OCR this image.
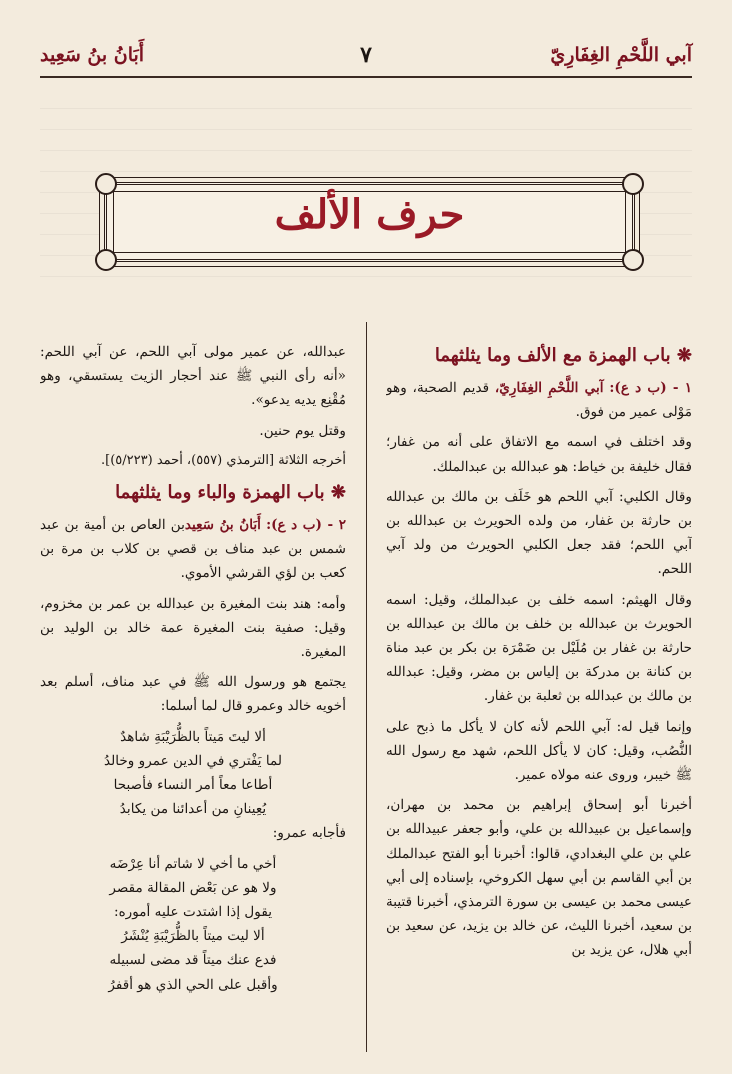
آبي اللَّحْمِ الغِفَارِيّ
٧
أَبَانُ بنُ سَعِيد
حرف الألف
❋ باب الهمزة مع الألف وما يثلثهما

١ - (ب د ع): آبي اللَّحْمِ الغِفَارِيّ، قديم الصحبة، وهو مَوْلى عمير من فوق.

وقد اختلف في اسمه مع الاتفاق على أنه من غفار؛ فقال خليفة بن خياط: هو عبدالله بن عبدالملك.

وقال الكلبي: آبي اللحم هو خَلَف بن مالك بن عبدالله بن حارثة بن غفار، من ولده الحويرث بن عبدالله بن آبي اللحم؛ فقد جعل الكلبي الحويرث من ولد آبي اللحم.

وقال الهيثم: اسمه خلف بن عبدالملك، وقيل: اسمه الحويرث بن عبدالله بن خلف بن مالك بن عبدالله بن حارثة بن غفار بن مُلَيْل بن ضَمْرَة بن بكر بن عبد مناة بن كنانة بن مدركة بن إلياس بن مضر، وقيل: عبدالله بن مالك بن عبدالله بن ثعلبة بن غفار.

وإنما قيل له: آبي اللحم لأنه كان لا يأكل ما ذبح على النُّصُب، وقيل: كان لا يأكل اللحم، شهد مع رسول الله ﷺ خيبر، وروى عنه مولاه عمير.

أخبرنا أبو إسحاق إبراهيم بن محمد بن مهران، وإسماعيل بن عبيدالله بن علي، وأبو جعفر عبيدالله بن علي بن علي البغدادي، قالوا: أخبرنا أبو الفتح عبدالملك بن أبي القاسم بن أبي سهل الكروخي، بإسناده إلى أبي عيسى محمد بن عيسى بن سورة الترمذي، أخبرنا قتيبة بن سعيد، أخبرنا الليث، عن خالد بن يزيد، عن سعيد بن أبي هلال، عن يزيد بن

عبدالله، عن عمير مولى آبي اللحم، عن آبي اللحم: «أنه رأى النبي ﷺ عند أحجار الزيت يستسقي، وهو مُقْنِع يديه يدعو».

وقتل يوم حنين.

أخرجه الثلاثة [الترمذي (٥٥٧)، أحمد (٥/٢٢٣)].

❋ باب الهمزة والباء وما يثلثهما

٢ - (ب د ع): أَبَانُ بنُ سَعِيدبن العاص بن أمية بن عبد شمس بن عبد مناف بن قصي بن كلاب بن مرة بن كعب بن لؤي القرشي الأموي.

وأمه: هند بنت المغيرة بن عبدالله بن عمر بن مخزوم، وقيل: صفية بنت المغيرة عمة خالد بن الوليد بن المغيرة.

يجتمع هو ورسول الله ﷺ في عبد مناف، أسلم بعد أخويه خالد وعمرو قال لما أسلما:

ألا ليتَ مَيتاً بالظُّرَيْبَةِ شاهدٌ
لما يَفْتري في الدين عمرو وخالدُ
أطاعا معاً أمر النساء فأصبحا
يُعِينانِ من أعدائنا من يكابدُ

فأجابه عمرو:

أخي ما أخي لا شاتم أنا عِرْضَه
ولا هو عن بَعْض المقالة مقصر
يقول إذا اشتدت عليه أموره:
ألا ليت ميتاً بالظُّرَيْبَةِ يُنْشَرُ
فدع عنك ميتاً قد مضى لسبيله
وأقبل على الحي الذي هو أقفرُ
